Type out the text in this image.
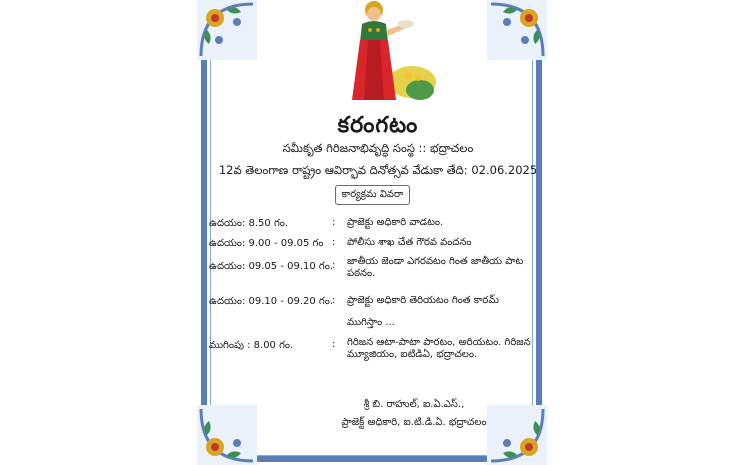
కరంగటం
సమీకృత గిరిజనాభివృద్ధి సంస్థ :: భద్రాచలం
12వ తెలంగాణ రాష్ట్రం ఆవిర్భావ దినోత్సవ వేడుకా తేది: 02.06.2025
కార్యక్రమ వివరా
ఉదయం: 8.50 గం.	: ప్రాజెక్టు అధికారి వాడటం.
ఉదయం: 9.00 - 09.05 గం : పోలీసు శాఖ చేత గౌరవ వందనం
ఉదయం: 09.05 - 09.10 గం. : జాతీయ జెండా ఎగరవటం గింత జాతీయ పాట పఠనం.
ఉదయం: 09.10 - 09.20 గం. : ప్రాజెక్టు అధికారి తెరియటం గింత కారమ్
ముగిస్తాం ...
ముగింపు : 8.00 గం.	: గిరిజన ఆటా-పాటా పారటం, అరియటం. గిరిజన మ్యూజియం, ఐటిడిఏ, భద్రాచలం.
శ్రీ బి. రాహుల్, ఐ.ఏ.ఎస్.,
ప్రాజెక్ట్ అధికారి, ఐ.టి.డి.ఏ. భద్రాచలం
